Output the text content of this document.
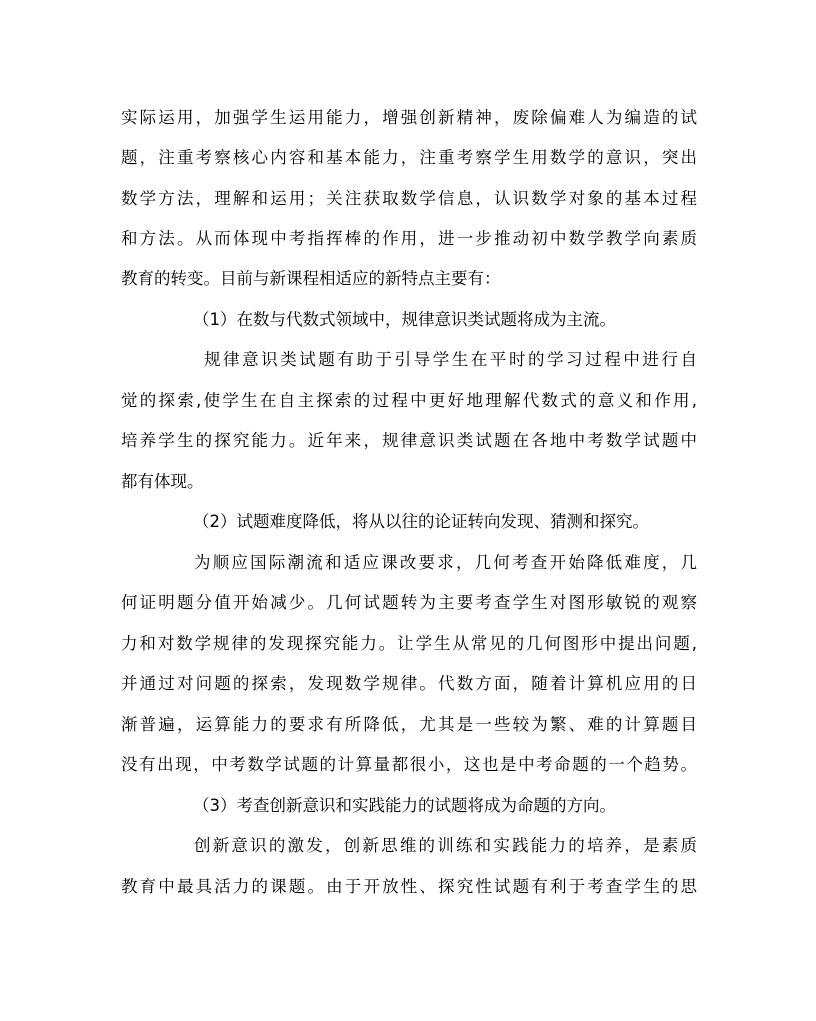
实际运用，加强学生运用能力，增强创新精神，废除偏难人为编造的试
题，注重考察核心内容和基本能力，注重考察学生用数学的意识，突出
数学方法，理解和运用；关注获取数学信息，认识数学对象的基本过程
和方法。从而体现中考指挥棒的作用，进一步推动初中数学教学向素质
教育的转变。目前与新课程相适应的新特点主要有：
（1）在数与代数式领域中，规律意识类试题将成为主流。
规律意识类试题有助于引导学生在平时的学习过程中进行自
觉的探索,使学生在自主探索的过程中更好地理解代数式的意义和作用,
培养学生的探究能力。近年来，规律意识类试题在各地中考数学试题中
都有体现。
（2）试题难度降低，将从以往的论证转向发现、猜测和探究。
为顺应国际潮流和适应课改要求，几何考查开始降低难度，几
何证明题分值开始减少。几何试题转为主要考查学生对图形敏锐的观察
力和对数学规律的发现探究能力。让学生从常见的几何图形中提出问题,
并通过对问题的探索，发现数学规律。代数方面，随着计算机应用的日
渐普遍，运算能力的要求有所降低，尤其是一些较为繁、难的计算题目
没有出现，中考数学试题的计算量都很小，这也是中考命题的一个趋势。
（3）考查创新意识和实践能力的试题将成为命题的方向。
创新意识的激发，创新思维的训练和实践能力的培养，是素质
教育中最具活力的课题。由于开放性、探究性试题有利于考查学生的思
